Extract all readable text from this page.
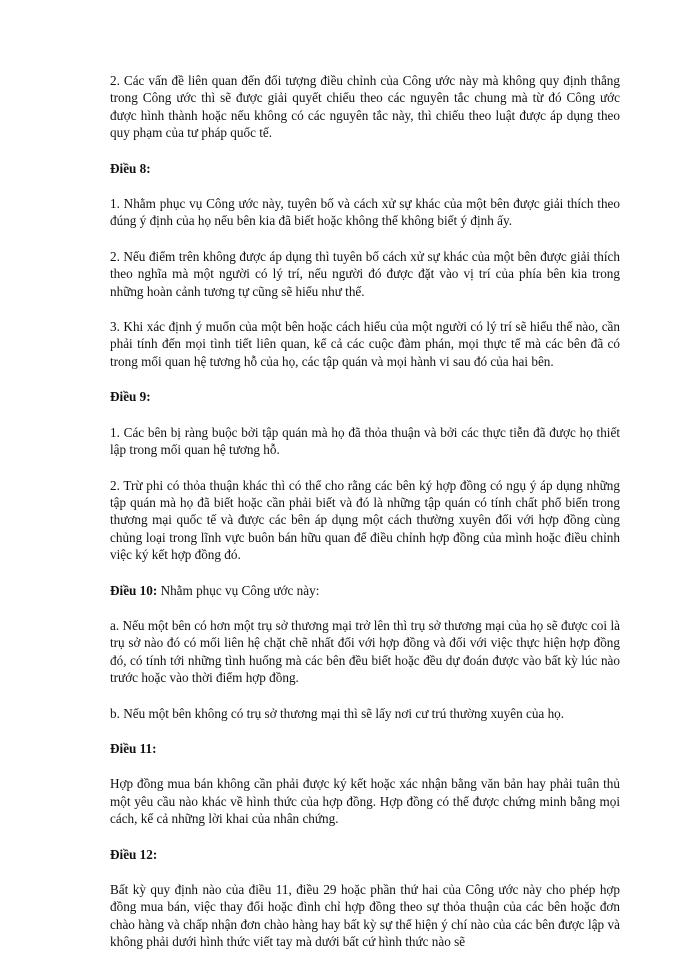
2. Các vấn đề liên quan đến đối tượng điều chỉnh của Công ước này mà không quy định thẳng trong Công ước thì sẽ được giải quyết chiếu theo các nguyên tắc chung mà từ đó Công ước được hình thành hoặc nếu không có các nguyên tắc này, thì chiếu theo luật được áp dụng theo quy phạm của tư pháp quốc tế.

Điều 8:

1. Nhằm phục vụ Công ước này, tuyên bố và cách xử sự khác của một bên được giải thích theo đúng ý định của họ nếu bên kia đã biết hoặc không thể không biết ý định ấy.

2. Nếu điểm trên không được áp dụng thì tuyên bố cách xử sự khác của một bên được giải thích theo nghĩa mà một người có lý trí, nếu người đó được đặt vào vị trí của phía bên kia trong những hoàn cảnh tương tự cũng sẽ hiểu như thế.

3. Khi xác định ý muốn của một bên hoặc cách hiểu của một người có lý trí sẽ hiểu thế nào, cần phải tính đến mọi tình tiết liên quan, kể cả các cuộc đàm phán, mọi thực tế mà các bên đã có trong mối quan hệ tương hỗ của họ, các tập quán và mọi hành vi sau đó của hai bên.

Điều 9:

1. Các bên bị ràng buộc bởi tập quán mà họ đã thỏa thuận và bởi các thực tiễn đã được họ thiết lập trong mối quan hệ tương hỗ.

2. Trừ phi có thỏa thuận khác thì có thể cho rằng các bên ký hợp đồng có ngụ ý áp dụng những tập quán mà họ đã biết hoặc cần phải biết và đó là những tập quán có tính chất phổ biến trong thương mại quốc tế và được các bên áp dụng một cách thường xuyên đối với hợp đồng cùng chủng loại trong lĩnh vực buôn bán hữu quan để điều chỉnh hợp đồng của mình hoặc điều chỉnh việc ký kết hợp đồng đó.

Điều 10: Nhằm phục vụ Công ước này:

a. Nếu một bên có hơn một trụ sở thương mại trở lên thì trụ sở thương mại của họ sẽ được coi là trụ sở nào đó có mối liên hệ chặt chẽ nhất đối với hợp đồng và đối với việc thực hiện hợp đồng đó, có tính tới những tình huống mà các bên đều biết hoặc đều dự đoán được vào bất kỳ lúc nào trước hoặc vào thời điểm hợp đồng.

b. Nếu một bên không có trụ sở thương mại thì sẽ lấy nơi cư trú thường xuyên của họ.

Điều 11:

Hợp đồng mua bán không cần phải được ký kết hoặc xác nhận bằng văn bản hay phải tuân thủ một yêu cầu nào khác về hình thức của hợp đồng. Hợp đồng có thể được chứng minh bằng mọi cách, kể cả những lời khai của nhân chứng.

Điều 12:

Bất kỳ quy định nào của điều 11, điều 29 hoặc phần thứ hai của Công ước này cho phép hợp đồng mua bán, việc thay đổi hoặc đình chỉ hợp đồng theo sự thỏa thuận của các bên hoặc đơn chào hàng và chấp nhận đơn chào hàng hay bất kỳ sự thể hiện ý chí nào của các bên được lập và không phải dưới hình thức viết tay mà dưới bất cứ hình thức nào sẽ
